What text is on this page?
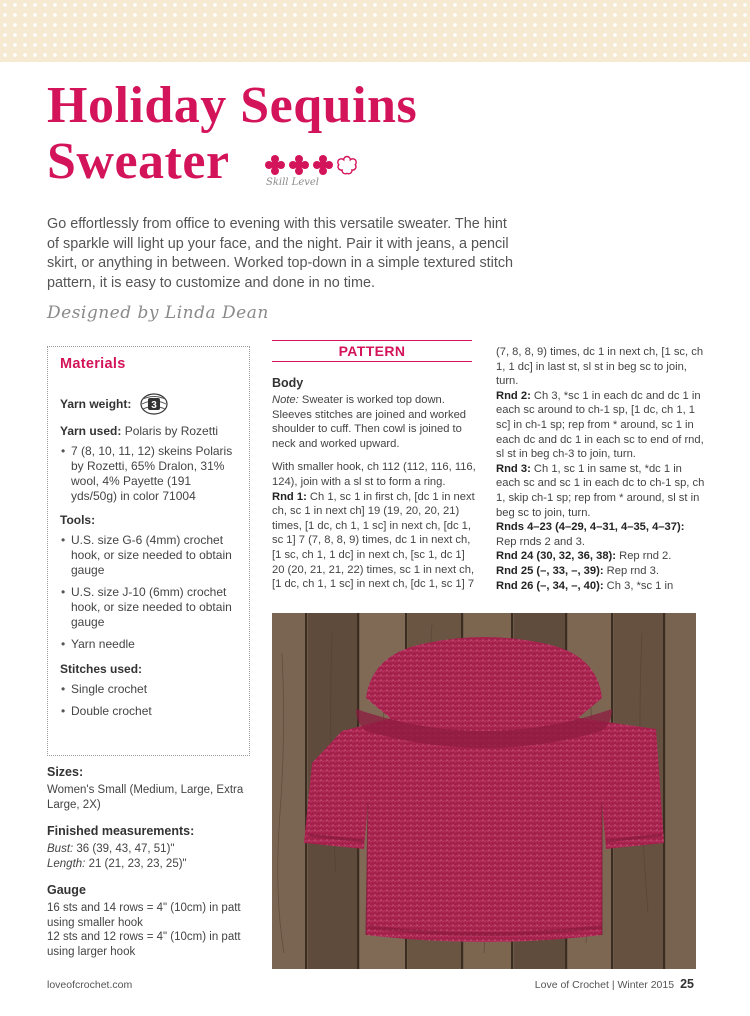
Holiday Sequins
Sweater	Skill Level

Go effortlessly from office to evening with this versatile sweater. The hint of sparkle will light up your face, and the night. Pair it with jeans, a pencil skirt, or anything in between. Worked top-down in a simple textured stitch pattern, it is easy to customize and done in no time.

Designed by Linda Dean
Materials
Yarn weight: 3
Yarn used: Polaris by Rozetti
• 7 (8, 10, 11, 12) skeins Polaris by Rozetti, 65% Dralon, 31% wool, 4% Payette (191 yds/50g) in color 71004
Tools:
• U.S. size G-6 (4mm) crochet hook, or size needed to obtain gauge
• U.S. size J-10 (6mm) crochet hook, or size needed to obtain gauge
• Yarn needle
Stitches used:
• Single crochet
• Double crochet
Sizes:
Women's Small (Medium, Large, Extra Large, 2X)
Finished measurements:
Bust: 36 (39, 43, 47, 51)"
Length: 21 (21, 23, 23, 25)"
Gauge
16 sts and 14 rows = 4" (10cm) in patt using smaller hook
12 sts and 12 rows = 4" (10cm) in patt using larger hook
PATTERN
Body

Note: Sweater is worked top down. Sleeves stitches are joined and worked shoulder to cuff. Then cowl is joined to neck and worked upward.

With smaller hook, ch 112 (112, 116, 116, 124), join with a sl st to form a ring.

Rnd 1: Ch 1, sc 1 in first ch, [dc 1 in next ch, sc 1 in next ch] 19 (19, 20, 20, 21) times, [1 dc, ch 1, 1 sc] in next ch, [dc 1, sc 1] 7 (7, 8, 8, 9) times, dc 1 in next ch, [1 sc, ch 1, 1 dc] in next ch, [sc 1, dc 1] 20 (20, 21, 21, 22) times, sc 1 in next ch, [1 dc, ch 1, 1 sc] in next ch, [dc 1, sc 1] 7

(7, 8, 8, 9) times, dc 1 in next ch, [1 sc, ch 1, 1 dc] in last st, sl st in beg sc to join, turn.

Rnd 2: Ch 3, *sc 1 in each dc and dc 1 in each sc around to ch-1 sp, [1 dc, ch 1, 1 sc] in ch-1 sp; rep from * around, sc 1 in each dc and dc 1 in each sc to end of rnd, sl st in beg ch-3 to join, turn.

Rnd 3: Ch 1, sc 1 in same st, *dc 1 in each sc and sc 1 in each dc to ch-1 sp, ch 1, skip ch-1 sp; rep from * around, sl st in beg sc to join, turn.

Rnds 4–23 (4–29, 4–31, 4–35, 4–37): Rep rnds 2 and 3.

Rnd 24 (30, 32, 36, 38): Rep rnd 2.

Rnd 25 (–, 33, –, 39): Rep rnd 3.

Rnd 26 (–, 34, –, 40): Ch 3, *sc 1 in

loveofcrochet.com	Love of Crochet | Winter 2015 25
